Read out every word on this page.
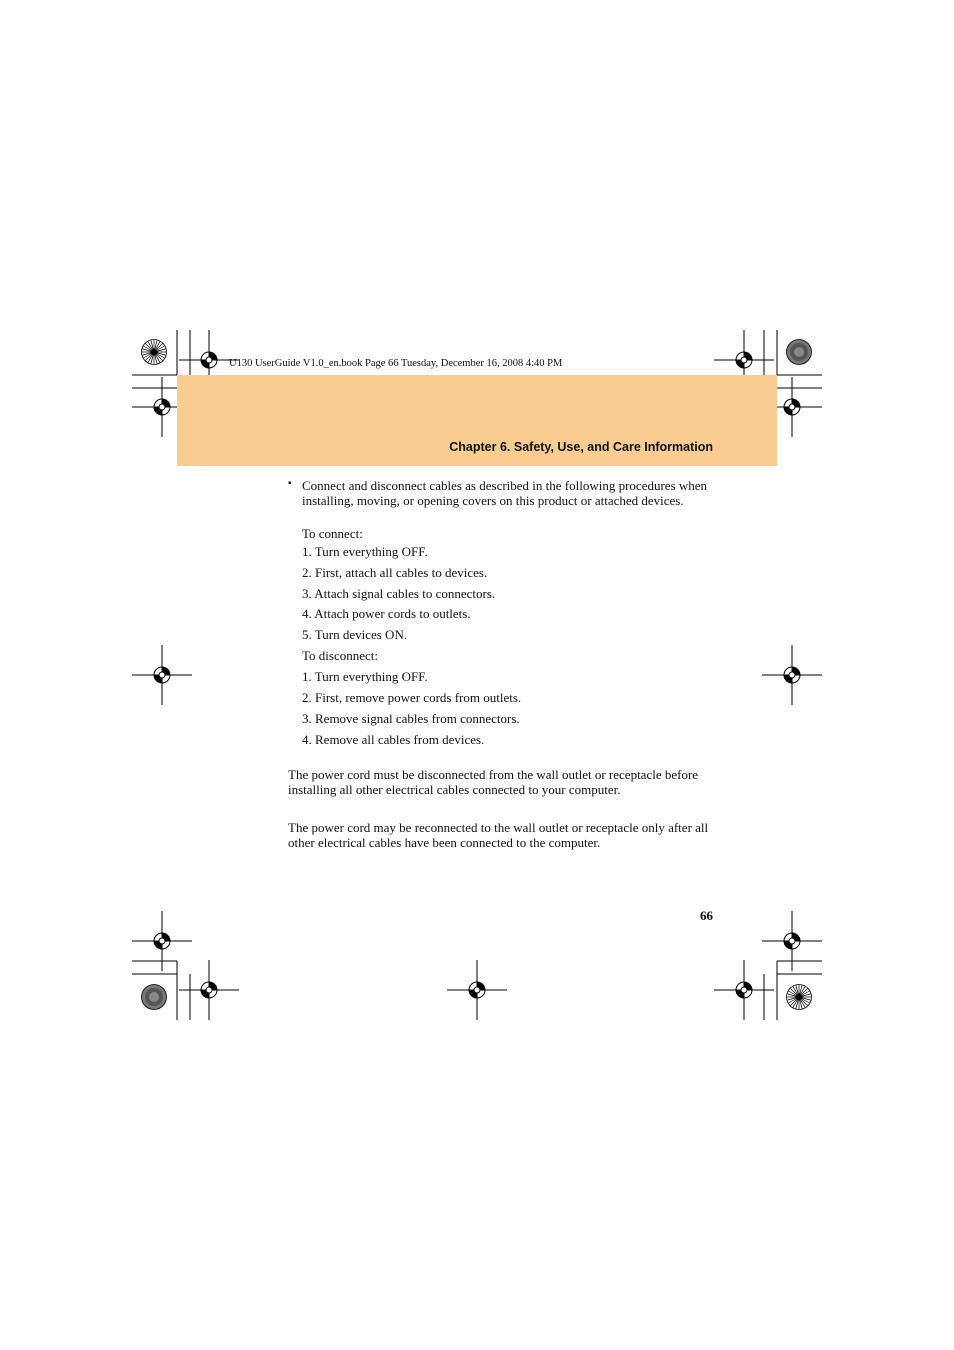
U130 UserGuide V1.0_en.book Page 66 Tuesday, December 16, 2008 4:40 PM
Chapter 6. Safety, Use, and Care Information
▪ Connect and disconnect cables as described in the following procedures when installing, moving, or opening covers on this product or attached devices.
To connect:
1. Turn everything OFF.
2. First, attach all cables to devices.
3. Attach signal cables to connectors.
4. Attach power cords to outlets.
5. Turn devices ON.
To disconnect:
1. Turn everything OFF.
2. First, remove power cords from outlets.
3. Remove signal cables from connectors.
4. Remove all cables from devices.
The power cord must be disconnected from the wall outlet or receptacle before installing all other electrical cables connected to your computer.
The power cord may be reconnected to the wall outlet or receptacle only after all other electrical cables have been connected to the computer.
66
